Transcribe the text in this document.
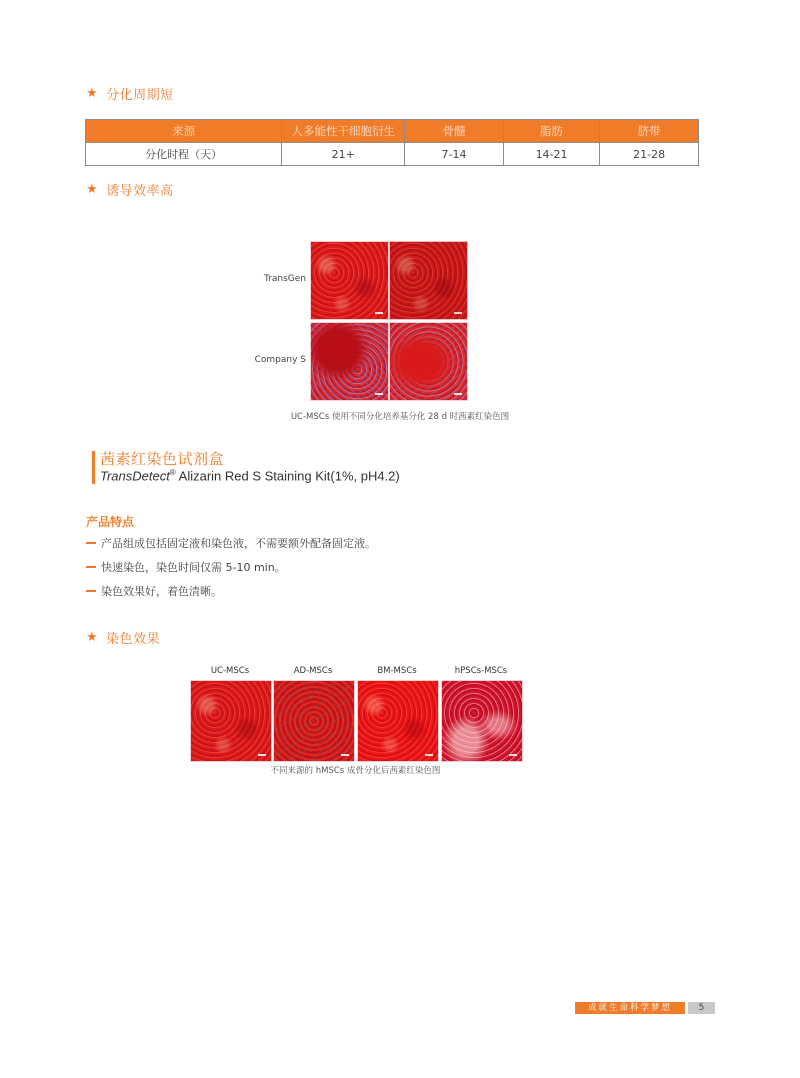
★ 分化周期短
来源	人多能性干细胞衍生	骨髓	脂肪	脐带
分化时程（天）	21+	7-14	14-21	21-28
★ 诱导效率高
TransGen
Company S
UC-MSCs 使用不同分化培养基分化 28 d 时茜素红染色图
茜素红染色试剂盒
TransDetect® Alizarin Red S Staining Kit(1%, pH4.2)
产品特点
产品组成包括固定液和染色液，不需要额外配备固定液。
快速染色，染色时间仅需 5-10 min。
染色效果好，着色清晰。
★ 染色效果
UC-MSCs	AD-MSCs	BM-MSCs	hPSCs-MSCs
不同来源的 hMSCs 成骨分化后茜素红染色图
成就生命科学梦想	5
